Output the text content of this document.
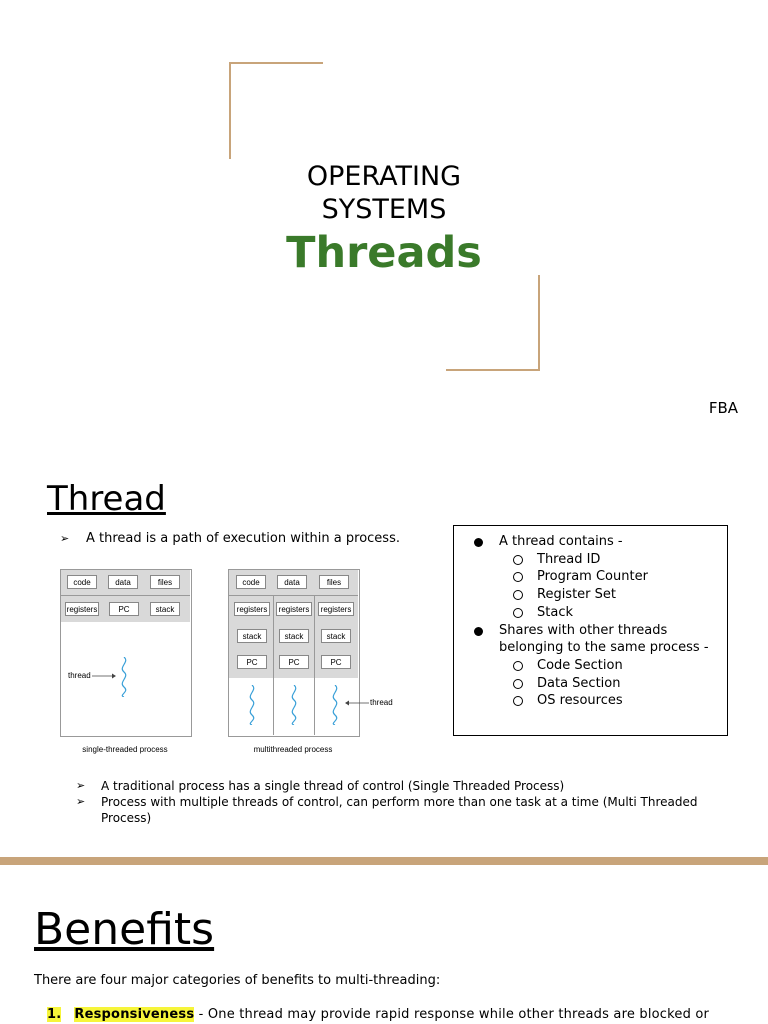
OPERATING SYSTEMS
Threads
FBA
Thread
➢ A thread is a path of execution within a process.
code	data	files
registers	PC	stack
thread
single-threaded process
code	data	files
registers	registers	registers
stack	stack	stack
PC	PC	PC
thread
multithreaded process
A thread contains -
Thread ID
Program Counter
Register Set
Stack
Shares with other threads belonging to the same process -
Code Section
Data Section
OS resources
➢	A traditional process has a single thread of control (Single Threaded Process)
➢	Process with multiple threads of control, can perform more than one task at a time (Multi Threaded Process)
Benefits
There are four major categories of benefits to multi-threading:
1. Responsiveness - One thread may provide rapid response while other threads are blocked or
